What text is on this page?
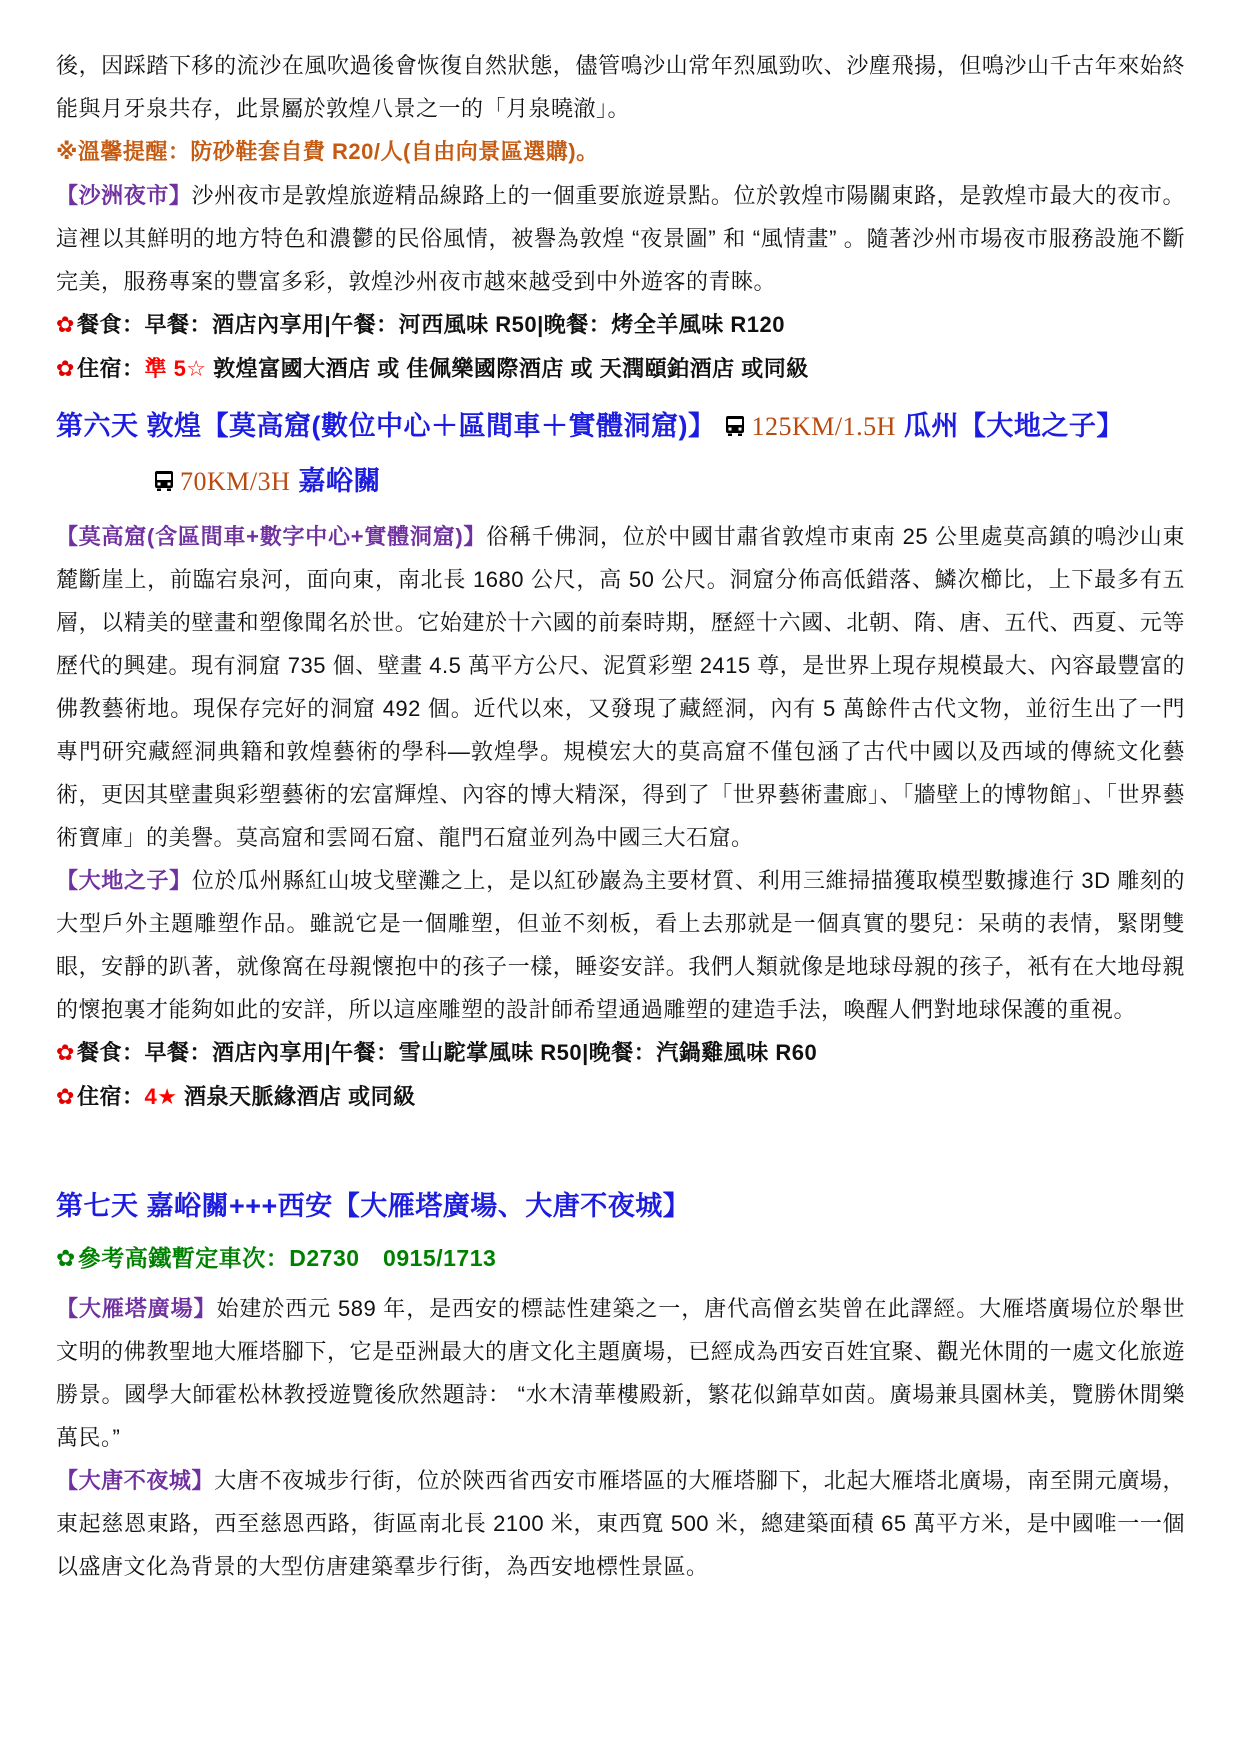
後，因踩踏下移的流沙在風吹過後會恢復自然狀態，儘管鳴沙山常年烈風勁吹、沙塵飛揚，但鳴沙山千古年來始終能與月牙泉共存，此景屬於敦煌八景之一的「月泉曉澈」。

※溫馨提醒：防砂鞋套自費 R20/人(自由向景區選購)。

【沙洲夜市】沙州夜市是敦煌旅遊精品線路上的一個重要旅遊景點。位於敦煌市陽關東路，是敦煌市最大的夜市。 這裡以其鮮明的地方特色和濃鬱的民俗風情，被譽為敦煌 “夜景圖” 和 “風情畫” 。隨著沙州市場夜市服務設施不斷完美，服務專案的豐富多彩，敦煌沙州夜市越來越受到中外遊客的青睞。

✿餐食：早餐：酒店內享用|午餐：河西風味 R50|晚餐：烤全羊風味 R120

✿住宿：準 5☆ 敦煌富國大酒店 或 佳佩樂國際酒店 或 天潤頤鉑酒店 或同級

第六天 敦煌【莫高窟(數位中心＋區間車＋實體洞窟)】 125KM/1.5H 瓜州【大地之子】
70KM/3H 嘉峪關

【莫高窟(含區間車+數字中心+實體洞窟)】俗稱千佛洞，位於中國甘肅省敦煌市東南 25 公里處莫高鎮的鳴沙山東麓斷崖上，前臨宕泉河，面向東，南北長 1680 公尺，高 50 公尺。洞窟分佈高低錯落、鱗次櫛比，上下最多有五層，以精美的壁畫和塑像聞名於世。它始建於十六國的前秦時期，歷經十六國、北朝、隋、唐、五代、西夏、元等歷代的興建。現有洞窟 735 個、壁畫 4.5 萬平方公尺、泥質彩塑 2415 尊，是世界上現存規模最大、內容最豐富的佛教藝術地。現保存完好的洞窟 492 個。近代以來，又發現了藏經洞，內有 5 萬餘件古代文物，並衍生出了一門專門研究藏經洞典籍和敦煌藝術的學科—敦煌學。規模宏大的莫高窟不僅包涵了古代中國以及西域的傳統文化藝術，更因其壁畫與彩塑藝術的宏富輝煌、內容的博大精深，得到了「世界藝術畫廊」、「牆壁上的博物館」、「世界藝術寶庫」的美譽。莫高窟和雲岡石窟、龍門石窟並列為中國三大石窟。

【大地之子】位於瓜州縣紅山坡戈壁灘之上，是以紅砂巖為主要材質、利用三維掃描獲取模型數據進行 3D 雕刻的大型戶外主題雕塑作品。雖説它是一個雕塑，但並不刻板，看上去那就是一個真實的嬰兒：呆萌的表情，緊閉雙眼，安靜的趴著，就像窩在母親懷抱中的孩子一樣，睡姿安詳。我們人類就像是地球母親的孩子，衹有在大地母親的懷抱裏才能夠如此的安詳，所以這座雕塑的設計師希望通過雕塑的建造手法，喚醒人們對地球保護的重視。

✿餐食：早餐：酒店內享用|午餐：雪山駝掌風味 R50|晚餐：汽鍋雞風味 R60

✿住宿：4★ 酒泉天脈緣酒店 或同級

第七天 嘉峪關+++西安【大雁塔廣場、大唐不夜城】

✿參考高鐵暫定車次：D2730　0915/1713

【大雁塔廣場】始建於西元 589 年，是西安的標誌性建築之一，唐代高僧玄奘曾在此譯經。大雁塔廣場位於舉世文明的佛教聖地大雁塔腳下，它是亞洲最大的唐文化主題廣場，已經成為西安百姓宜聚、觀光休閒的一處文化旅遊勝景。國學大師霍松林教授遊覽後欣然題詩： “水木清華樓殿新，繁花似錦草如茵。廣場兼具園林美，覽勝休閒樂萬民。”

【大唐不夜城】大唐不夜城步行街，位於陝西省西安市雁塔區的大雁塔腳下，北起大雁塔北廣場，南至開元廣場，東起慈恩東路，西至慈恩西路，街區南北長 2100 米，東西寬 500 米，總建築面積 65 萬平方米，是中國唯一一個以盛唐文化為背景的大型仿唐建築羣步行街，為西安地標性景區。
